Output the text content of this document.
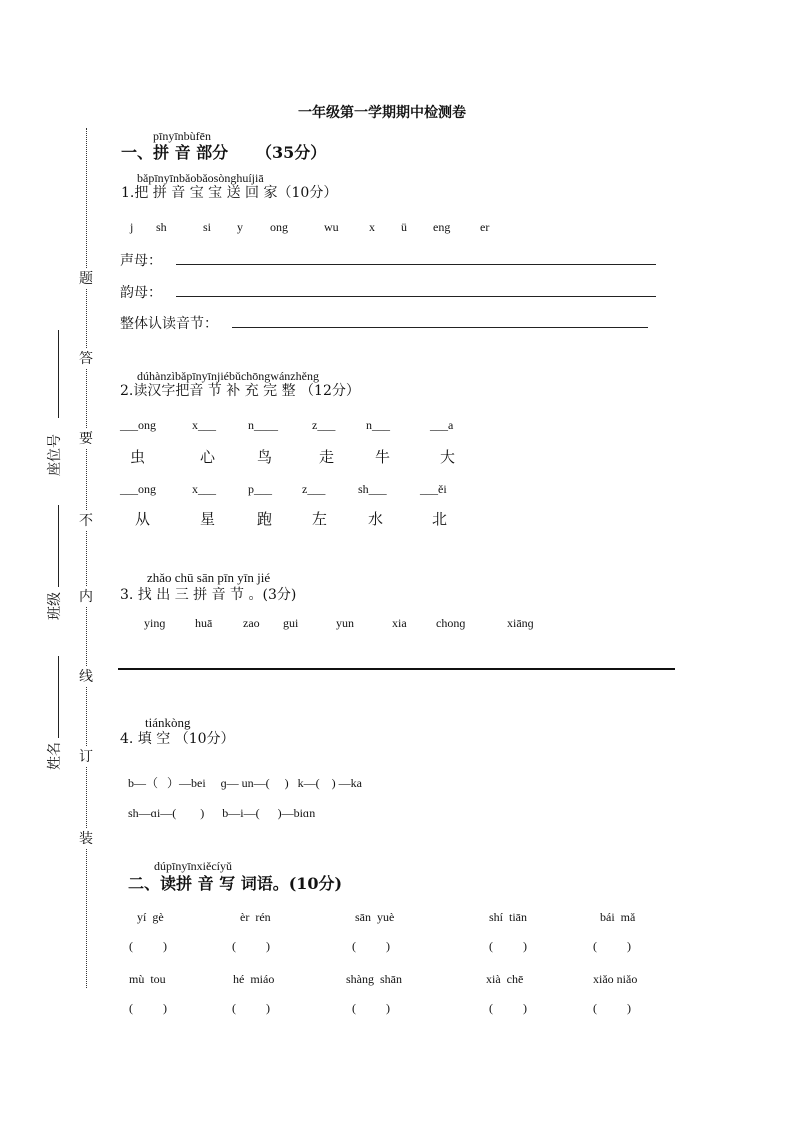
一年级第一学期期中检测卷
题
答
要
不
内
线
订
装
座位号
班级
姓名
pīnyīnbùfēn
一、拼 音 部分 （35分）
bǎpīnyīnbǎobǎosònghuíjiā
1.把 拼 音 宝 宝 送 回 家（10分）
j sh	si y ong	wu	x ü eng er
声母：
韵母：
整体认读音节：
dúhànzìbǎpīnyīnjiébǔchōngwánzhěng
2.读汉字把音 节 补 充 完 整 （12分）
___ong	x___	n____	z___	n___	___a
虫	心	鸟	走	牛	大
___ong	x___	p___	z___	sh___	___ěi
从	星	跑	左	水	北
zhǎo chū sān pīn yīn jié
3. 找 出 三 拼 音 节 。(3分)
yinɡ huā	zao gui	yun	xia chonɡ	xiānɡ
tiánkòng
4. 填 空 （10分）
b—（   ）—bei     ɡ— un—(     )   k—(    ) —ka
sh—ɑi—(        )      b—i—(      )—biɑn
dúpīnyīnxiěcíyǔ
二、读拼 音 写 词语。(10分)
yí  gè	èr  rén	sān  yuè	shí  tiān	bái  mǎ
(          )	(          )	(          )	(          )	(          )
mù  tou	hé  miáo	shàng  shān	xià  chē	xiǎo niǎo
(          )	(          )	(          )	(          )	(          )
